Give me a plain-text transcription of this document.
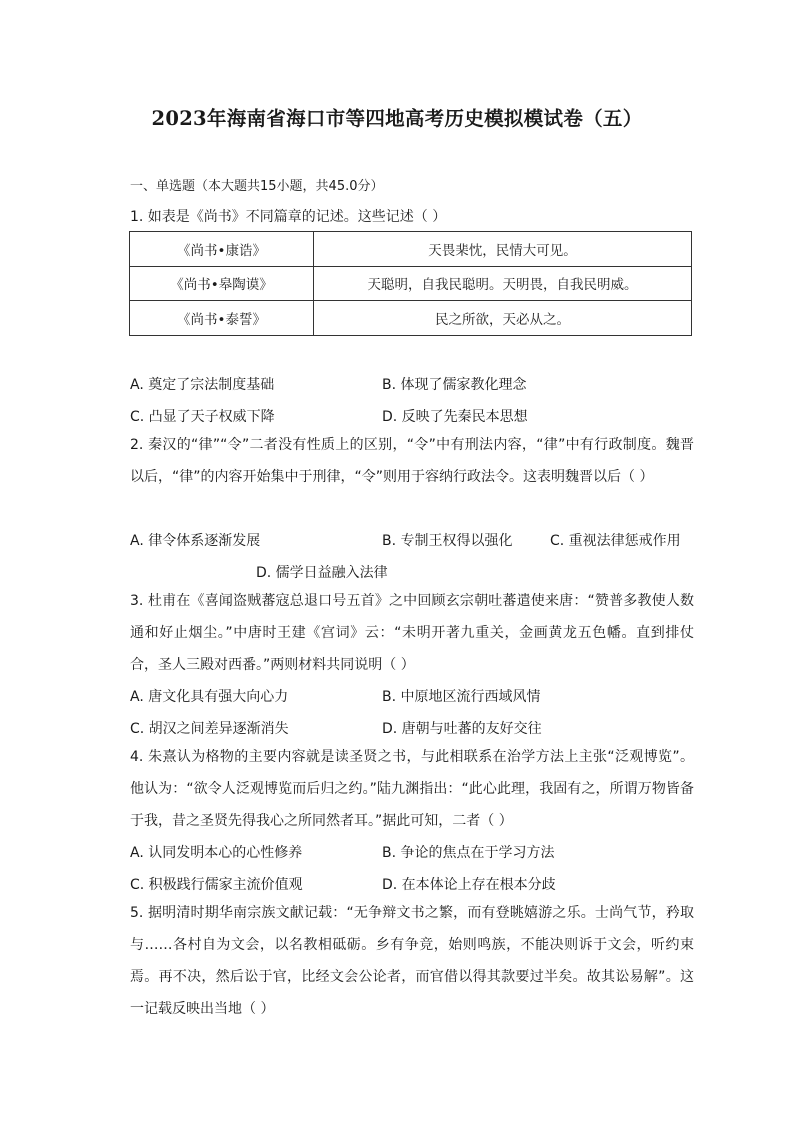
2023年海南省海口市等四地高考历史模拟模试卷（五）
一、单选题（本大题共15小题，共45.0分）
1. 如表是《尚书》不同篇章的记述。这些记述（ ）
《尚书•康诰》	天畏棐忱，民情大可见。
《尚书•皋陶谟》	天聪明，自我民聪明。天明畏，自我民明威。
《尚书•泰誓》	民之所欲，天必从之。
A. 奠定了宗法制度基础	B. 体现了儒家教化理念
C. 凸显了天子权威下降	D. 反映了先秦民本思想
2. 秦汉的“律”“令”二者没有性质上的区别，“令”中有刑法内容，“律”中有行政制度。魏晋以后，“律”的内容开始集中于刑律，“令”则用于容纳行政法令。这表明魏晋以后（ ）
A. 律令体系逐渐发展	B. 专制王权得以强化	C. 重视法律惩戒作用
D. 儒学日益融入法律
3. 杜甫在《喜闻盗贼蕃寇总退口号五首》之中回顾玄宗朝吐蕃遣使来唐：“赞普多教使人数通和好止烟尘。”中唐时王建《宫词》云：“未明开著九重关，金画黄龙五色幡。直到排仗合，圣人三殿对西番。”两则材料共同说明（ ）
A. 唐文化具有强大向心力	B. 中原地区流行西域风情
C. 胡汉之间差异逐渐消失	D. 唐朝与吐蕃的友好交往
4. 朱熹认为格物的主要内容就是读圣贤之书，与此相联系在治学方法上主张“泛观博览”。他认为：“欲令人泛观博览而后归之约。”陆九渊指出：“此心此理，我固有之，所谓万物皆备于我，昔之圣贤先得我心之所同然者耳。”据此可知，二者（ ）
A. 认同发明本心的心性修养	B. 争论的焦点在于学习方法
C. 积极践行儒家主流价值观	D. 在本体论上存在根本分歧
5. 据明清时期华南宗族文献记载：“无争辩文书之繁，而有登眺嬉游之乐。士尚气节，矜取与……各村自为文会，以名教相砥砺。乡有争竞，始则鸣族，不能决则诉于文会，听约束焉。再不决，然后讼于官，比经文会公论者，而官借以得其款要过半矣。故其讼易解”。这一记载反映出当地（ ）
